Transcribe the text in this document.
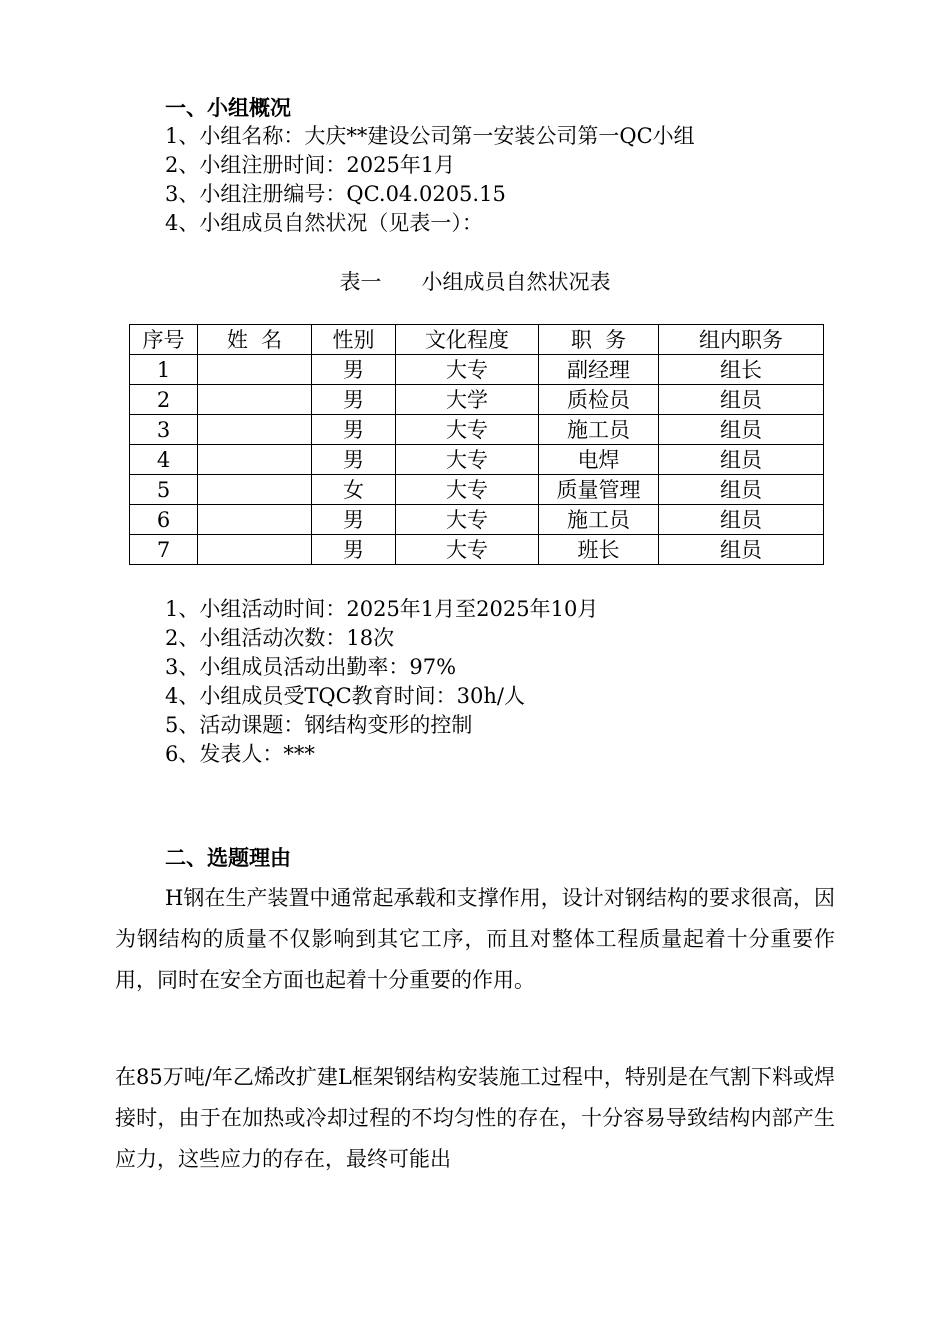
一、小组概况
1、小组名称：大庆**建设公司第一安装公司第一QC小组
2、小组注册时间：2025年1月
3、小组注册编号：QC.04.0205.15
4、小组成员自然状况（见表一）：
表一 小组成员自然状况表
序号	姓  名	性别	文化程度	职  务	组内职务
1		男	大专	副经理	组长
2		男	大学	质检员	组员
3		男	大专	施工员	组员
4		男	大专	电焊	组员
5		女	大专	质量管理	组员
6		男	大专	施工员	组员
7		男	大专	班长	组员
1、小组活动时间：2025年1月至2025年10月
2、小组活动次数：18次
3、小组成员活动出勤率：97%
4、小组成员受TQC教育时间：30h/人
5、活动课题：钢结构变形的控制
6、发表人：***
二、选题理由
H钢在生产装置中通常起承载和支撑作用，设计对钢结构的要求很高，因为钢结构的质量不仅影响到其它工序，而且对整体工程质量起着十分重要作用，同时在安全方面也起着十分重要的作用。
在85万吨/年乙烯改扩建L框架钢结构安装施工过程中，特别是在气割下料或焊接时，由于在加热或冷却过程的不均匀性的存在，十分容易导致结构内部产生应力，这些应力的存在，最终可能出
